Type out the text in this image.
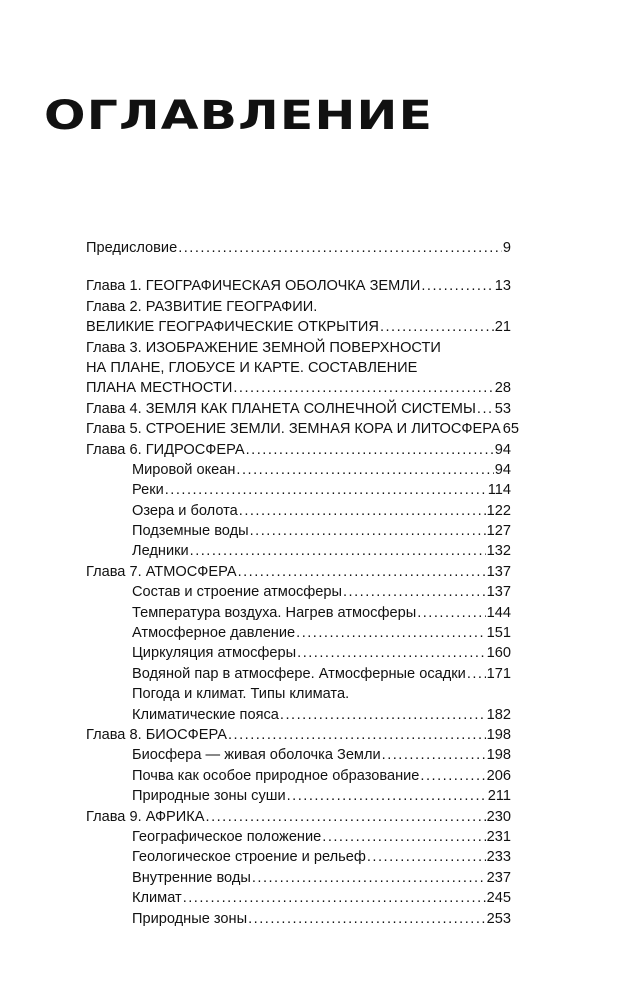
ОГЛАВЛЕНИЕ
Предисловие .....	9
Глава 1. ГЕОГРАФИЧЕСКАЯ ОБОЛОЧКА ЗЕМЛИ .....	13
Глава 2. РАЗВИТИЕ ГЕОГРАФИИ.
ВЕЛИКИЕ ГЕОГРАФИЧЕСКИЕ ОТКРЫТИЯ .....	21
Глава 3. ИЗОБРАЖЕНИЕ ЗЕМНОЙ ПОВЕРХНОСТИ
НА ПЛАНЕ, ГЛОБУСЕ И КАРТЕ. СОСТАВЛЕНИЕ
ПЛАНА МЕСТНОСТИ .....	28
Глава 4. ЗЕМЛЯ КАК ПЛАНЕТА СОЛНЕЧНОЙ СИСТЕМЫ ..... 53
Глава 5. СТРОЕНИЕ ЗЕМЛИ. ЗЕМНАЯ КОРА И ЛИТОСФЕРА 65
Глава 6. ГИДРОСФЕРА .....	94
Мировой океан .....	94
Реки .....	114
Озера и болота .....	122
Подземные воды .....	127
Ледники .....	132
Глава 7. АТМОСФЕРА .....	137
Состав и строение атмосферы .....	137
Температура воздуха. Нагрев атмосферы .....	144
Атмосферное давление .....	151
Циркуляция атмосферы .....	160
Водяной пар в атмосфере. Атмосферные осадки ..... 171
Погода и климат. Типы климата.
Климатические пояса .....	182
Глава 8. БИОСФЕРА .....	198
Биосфера — живая оболочка Земли .....	198
Почва как особое природное образование .....	206
Природные зоны суши .....	211
Глава 9. АФРИКА .....	230
Географическое положение .....	231
Геологическое строение и рельеф .....	233
Внутренние воды .....	237
Климат .....	245
Природные зоны .....	253
